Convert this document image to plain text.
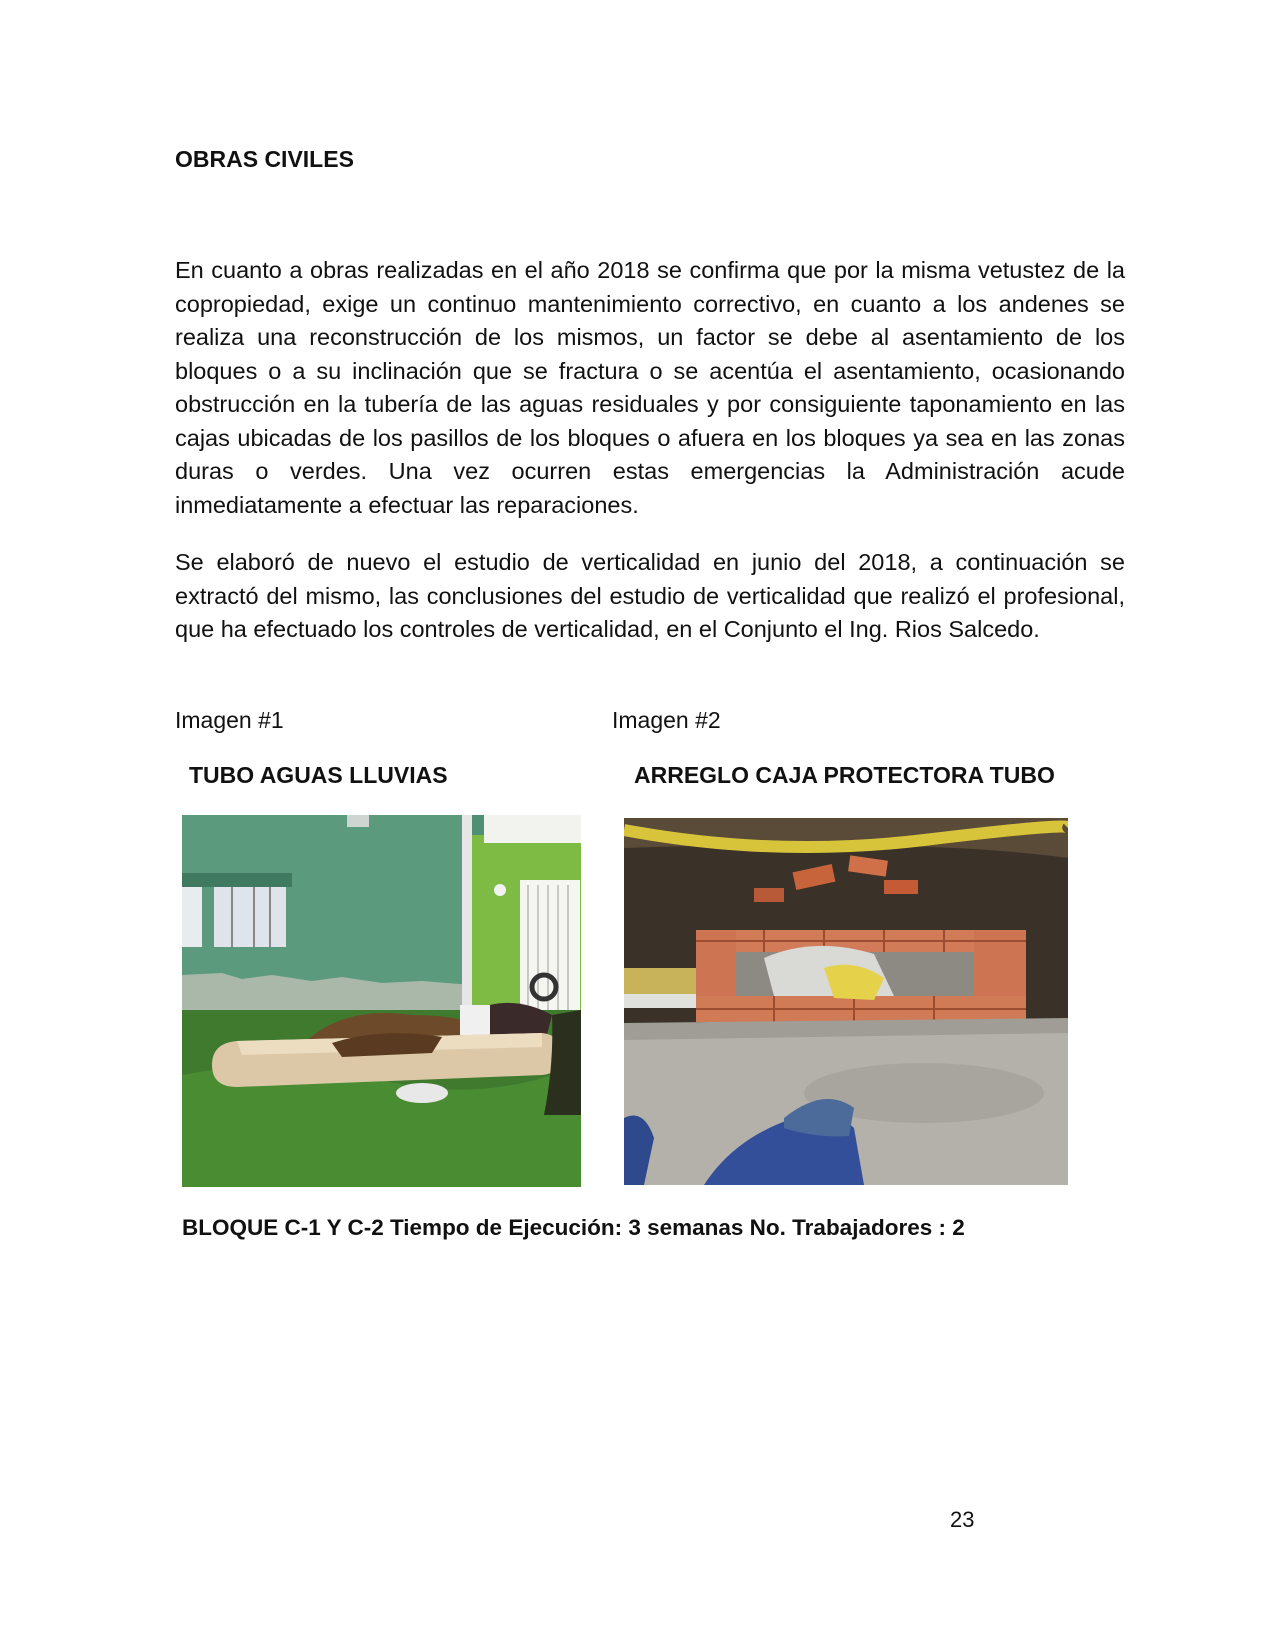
OBRAS CIVILES

En cuanto a obras realizadas en el año 2018 se confirma que por la misma vetustez de la copropiedad, exige un continuo mantenimiento correctivo, en cuanto a los andenes se realiza una reconstrucción de los mismos, un factor se debe al asentamiento de los bloques o a su inclinación que se fractura o se acentúa el asentamiento, ocasionando obstrucción en la tubería de las aguas residuales y por consiguiente taponamiento en las cajas ubicadas de los pasillos de los bloques o afuera en los bloques ya sea en las zonas duras o verdes. Una vez ocurren estas emergencias la Administración acude inmediatamente a efectuar las reparaciones.

Se elaboró de nuevo el estudio de verticalidad en junio del 2018, a continuación se extractó del mismo, las conclusiones del estudio de verticalidad que realizó el profesional, que ha efectuado los controles de verticalidad, en el Conjunto el Ing. Rios Salcedo.

Imagen #1	Imagen #2
TUBO AGUAS LLUVIAS	ARREGLO CAJA PROTECTORA TUBO
BLOQUE C-1 Y C-2 Tiempo de Ejecución: 3 semanas No. Trabajadores : 2
23
